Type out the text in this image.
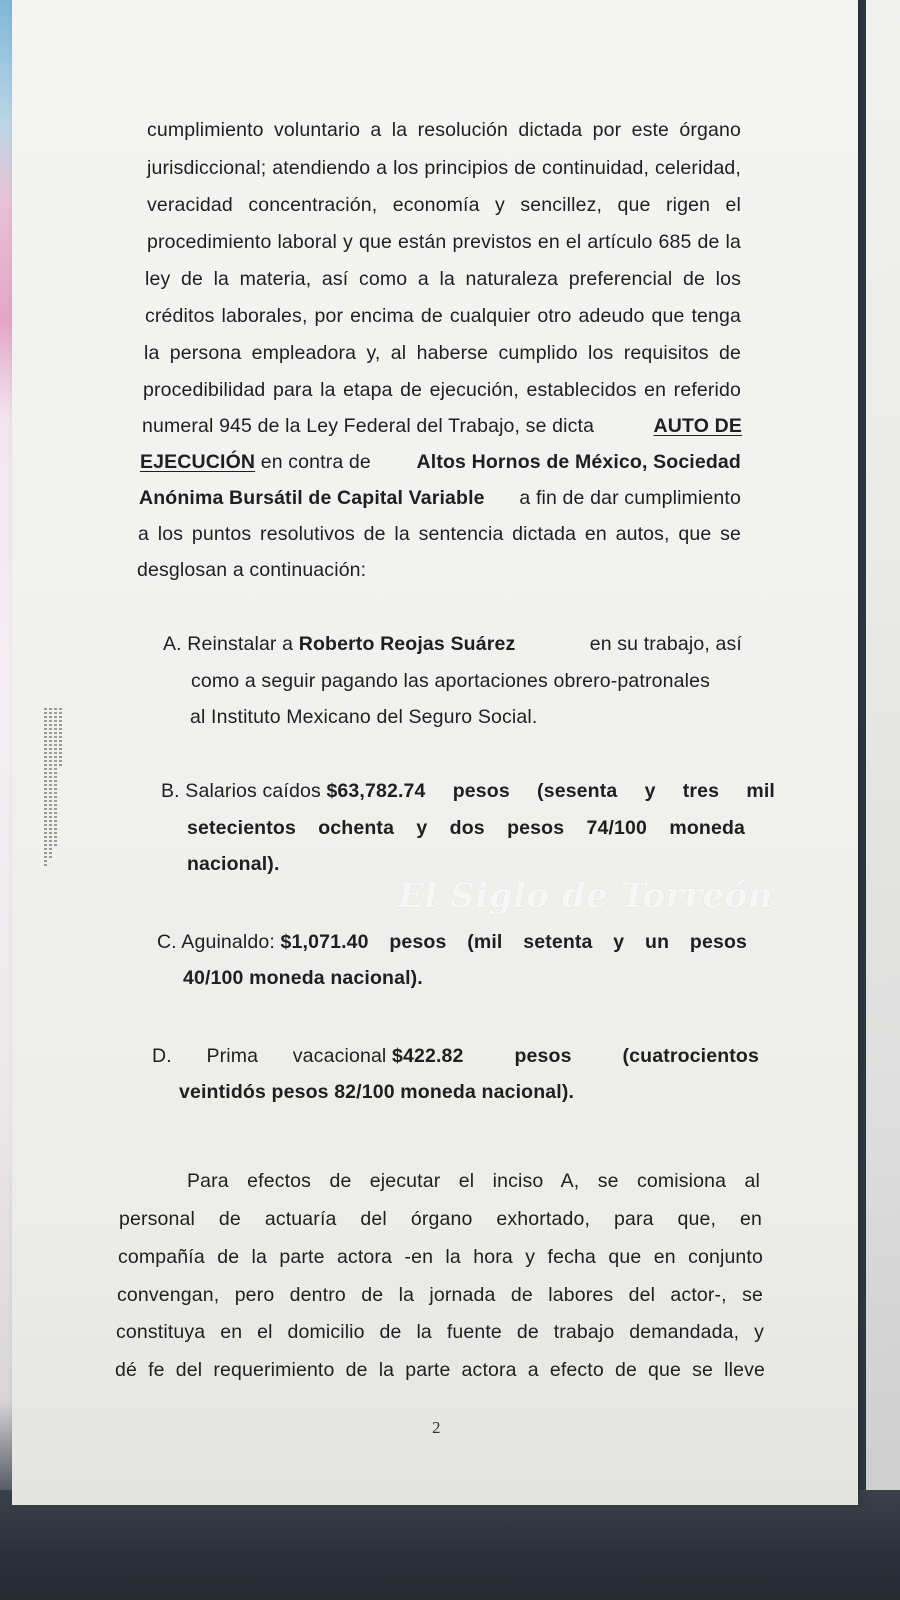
cumplimiento voluntario a la resolución dictada por este órgano
jurisdiccional; atendiendo a los principios de continuidad, celeridad,
veracidad concentración, economía y sencillez, que rigen el
procedimiento laboral y que están previstos en el artículo 685 de la
ley de la materia, así como a la naturaleza preferencial de los
créditos laborales, por encima de cualquier otro adeudo que tenga
la persona empleadora y, al haberse cumplido los requisitos de
procedibilidad para la etapa de ejecución, establecidos en referido
numeral 945 de la Ley Federal del Trabajo, se dicta	AUTO DE
EJECUCIÓN en contra de Altos Hornos de México, Sociedad
Anónima Bursátil de Capital Variable a fin de dar cumplimiento
a los puntos resolutivos de la sentencia dictada en autos, que se
desglosan a continuación:
A. Reinstalar a Roberto Reojas Suárez	en su trabajo, así
como a seguir pagando las aportaciones obrero-patronales
al Instituto Mexicano del Seguro Social.
B. Salarios caídos $63,782.74 pesos (sesenta y tres mil
setecientos ochenta y dos pesos 74/100 moneda
nacional).
C. Aguinaldo: $1,071.40 pesos (mil setenta y un pesos
40/100 moneda nacional).
D. Prima vacacional $422.82 pesos (cuatrocientos
veintidós pesos 82/100 moneda nacional).
Para efectos de ejecutar el inciso A, se comisiona al
personal de actuaría del órgano exhortado, para que, en
compañía de la parte actora -en la hora y fecha que en conjunto
convengan, pero dentro de la jornada de labores del actor-, se
constituya en el domicilio de la fuente de trabajo demandada, y
dé fe del requerimiento de la parte actora a efecto de que se lleve
2
El Siglo de Torreón
